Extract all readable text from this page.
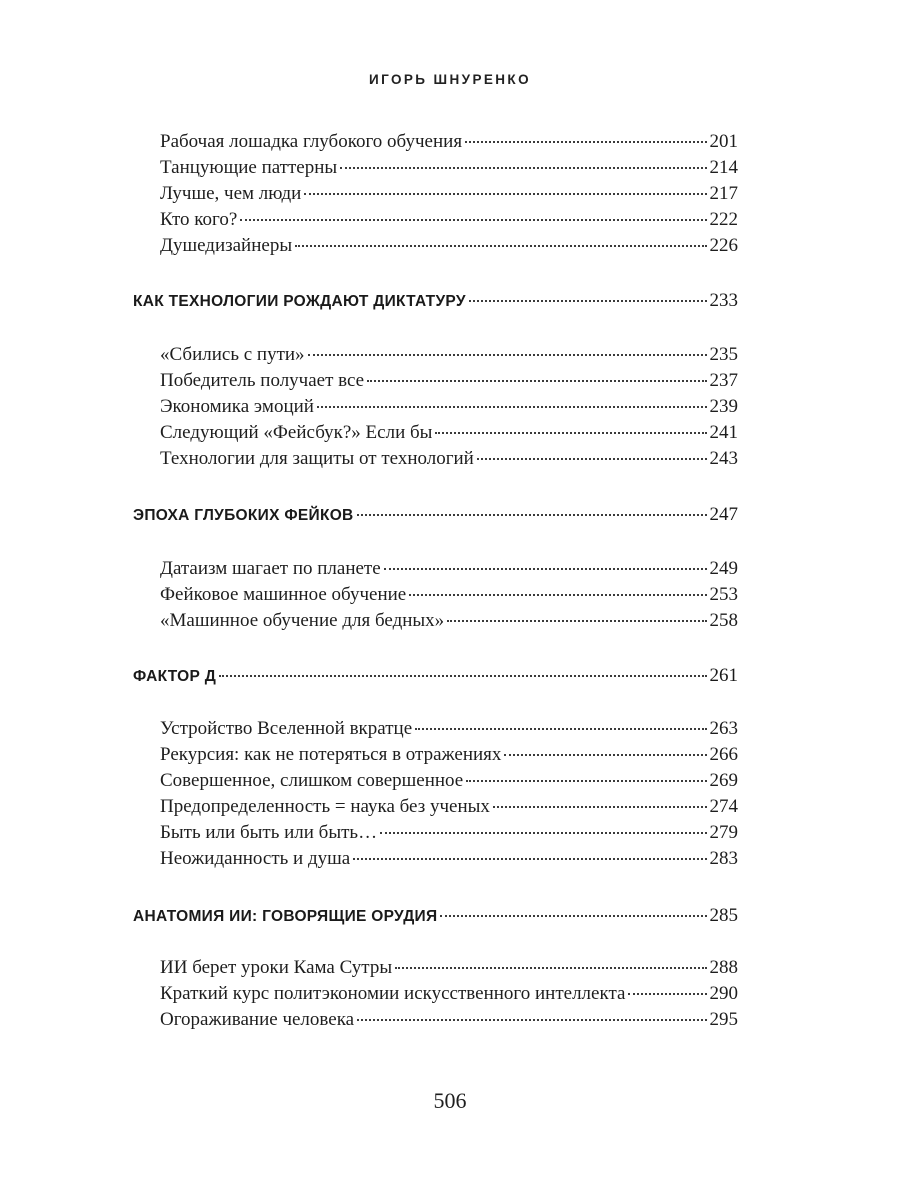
ИГОРЬ ШНУРЕНКО
Рабочая лошадка глубокого обучения	201
Танцующие паттерны	214
Лучше, чем люди	217
Кто кого?	222
Душедизайнеры	226
КАК ТЕХНОЛОГИИ РОЖДАЮТ ДИКТАТУРУ	233
«Сбились с пути»	235
Победитель получает все	237
Экономика эмоций	239
Следующий «Фейсбук?» Если бы	241
Технологии для защиты от технологий	243
ЭПОХА ГЛУБОКИХ ФЕЙКОВ	247
Датаизм шагает по планете	249
Фейковое машинное обучение	253
«Машинное обучение для бедных»	258
ФАКТОР Д	261
Устройство Вселенной вкратце	263
Рекурсия: как не потеряться в отражениях	266
Совершенное, слишком совершенное	269
Предопределенность = наука без ученых	274
Быть или быть или быть…	279
Неожиданность и душа	283
АНАТОМИЯ ИИ: ГОВОРЯЩИЕ ОРУДИЯ	285
ИИ берет уроки Кама Сутры	288
Краткий курс политэкономии искусственного интеллекта	290
Огораживание человека	295
506
